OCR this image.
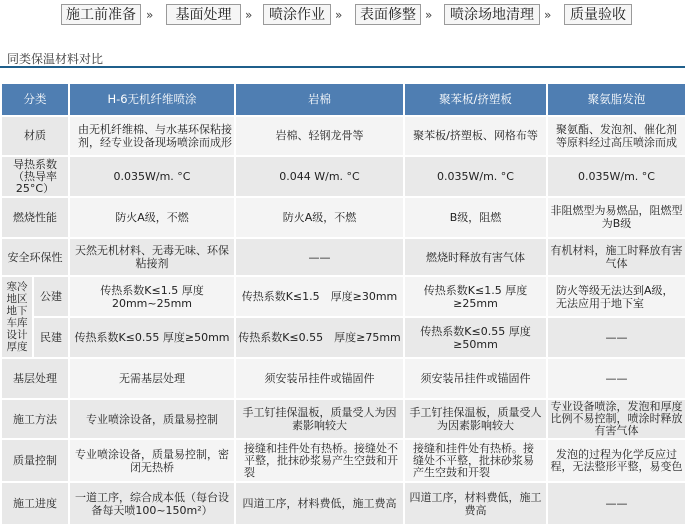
施工前准备 »	基面处理	»	喷涂作业 »	表面修整 »	喷涂场地清理 »	质量验收
同类保温材料对比
分类		H-6无机纤维喷涂	岩棉	聚苯板/挤塑板	聚氨脂发泡
材质		由无机纤维棉、与水基环保粘接剂，经专业设备现场喷涂而成形	岩棉、轻钢龙骨等	聚苯板/挤塑板、网格布等	聚氨酯、发泡剂、催化剂等原料经过高压喷涂而成
导热系数（热导率25°C）		0.035W/m. °C	0.044 W/m. °C	0.035W/m. °C	0.035W/m. °C
燃烧性能		防火A级，不燃	防火A级，不燃	B级，阻燃	非阻燃型为易燃品，阻燃型为B级
安全环保性		天然无机材料、无毒无味、环保粘接剂	——	燃烧时释放有害气体	有机材料，施工时释放有害气体
寒冷地区地下车库设计厚度	公建	传热系数K≤1.5 厚度20mm~25mm	传热系数K≤1.5　厚度≥30mm	传热系数K≤1.5 厚度≥25mm	防火等级无法达到A级，无法应用于地下室
	民建	传热系数K≤0.55 厚度≥50mm	传热系数K≤0.55　厚度≥75mm	传热系数K≤0.55 厚度≥50mm	——
基层处理		无需基层处理	须安装吊挂件或锚固件	须安装吊挂件或锚固件	——
施工方法		专业喷涂设备，质量易控制	手工钉挂保温板，质量受人为因素影响较大	手工钉挂保温板，质量受人为因素影响较大	专业设备喷涂，发泡和厚度比例不易控制，喷涂时释放有害气体
质量控制		专业喷涂设备，质量易控制，密闭无热桥	接缝和挂件处有热桥。接缝处不平整，批抹砂浆易产生空鼓和开裂	接缝和挂件处有热桥。接缝处不平整，批抹砂浆易产生空鼓和开裂	发泡的过程为化学反应过程，无法整形平整，易变色
施工进度		一道工序，综合成本低（每台设备每天喷100~150m²）	四道工序，材料费低，施工费高	四道工序，材料费低，施工费高	——
